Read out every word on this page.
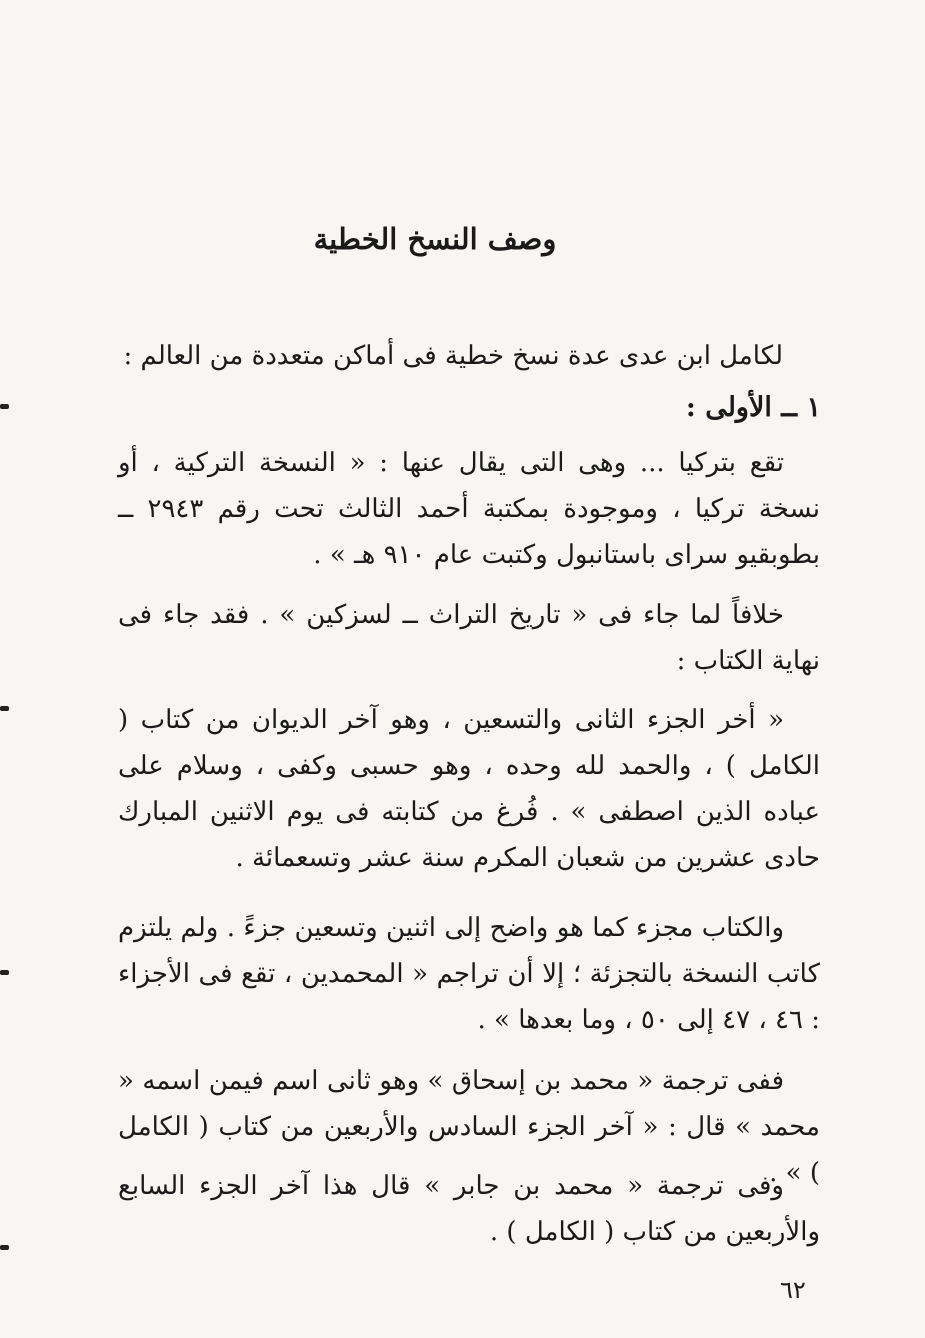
وصف النسخ الخطية
لكامل ابن عدى عدة نسخ خطية فى أماكن متعددة من العالم :
١ ــ الأولى :
تقع بتركيا ... وهى التى يقال عنها : « النسخة التركية ، أو نسخة تركيا ، وموجودة بمكتبة أحمد الثالث تحت رقم ٢٩٤٣ ــ بطوبقيو سراى باستانبول وكتبت عام ٩١٠ هـ » .
خلافاً لما جاء فى « تاريخ التراث ــ لسزكين » . فقد جاء فى نهاية الكتاب :
« أخر الجزء الثانى والتسعين ، وهو آخر الديوان من كتاب ( الكامل ) ، والحمد لله وحده ، وهو حسبى وكفى ، وسلام على عباده الذين اصطفى » . فُرغ من كتابته فى يوم الاثنين المبارك حادى عشرين من شعبان المكرم سنة عشر وتسعمائة .
والكتاب مجزء كما هو واضح إلى اثنين وتسعين جزءً . ولم يلتزم كاتب النسخة بالتجزئة ؛ إلا أن تراجم « المحمدين ، تقع فى الأجزاء : ٤٦ ، ٤٧ إلى ٥٠ ، وما بعدها » .
ففى ترجمة « محمد بن إسحاق » وهو ثانى اسم فيمن اسمه « محمد » قال : « آخر الجزء السادس والأربعين من كتاب ( الكامل ) » .
وفى ترجمة « محمد بن جابر » قال هذا آخر الجزء السابع والأربعين من كتاب ( الكامل ) .
٦٢
